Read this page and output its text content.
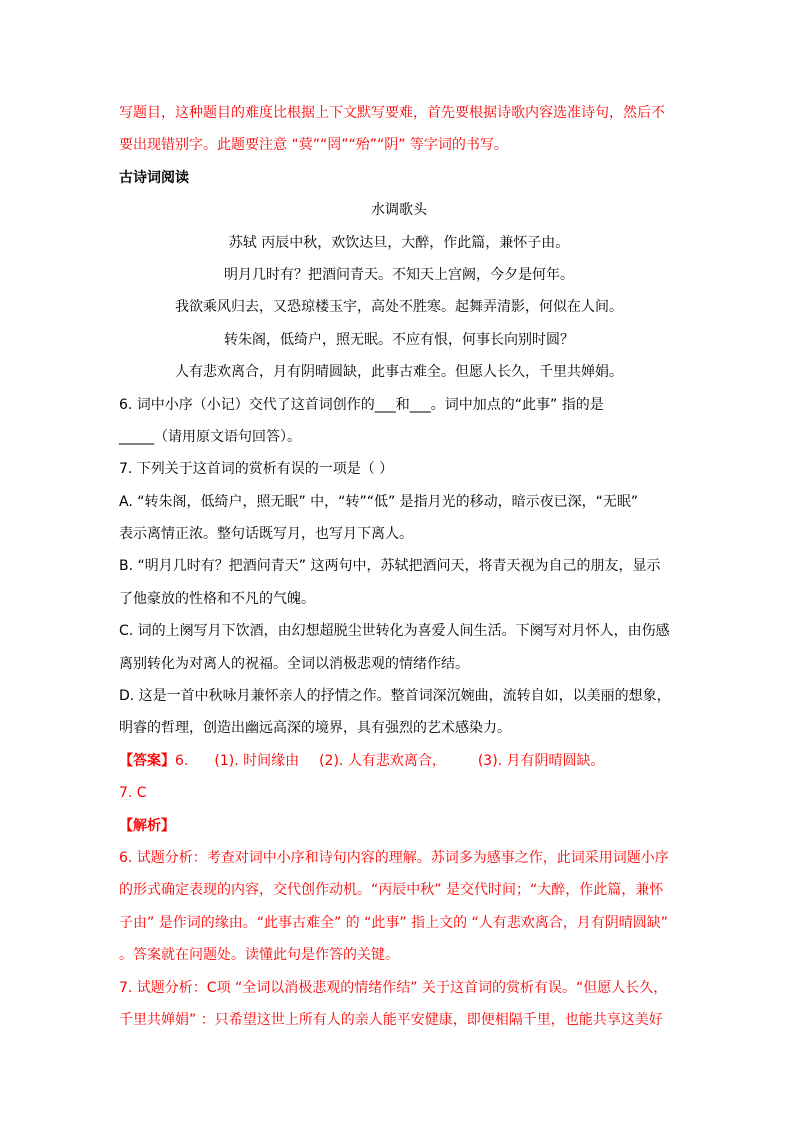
写题目，这种题目的难度比根据上下文默写要难，首先要根据诗歌内容选准诗句，然后不
要出现错别字。此题要注意 “蓂”“罔”“殆”“阴” 等字词的书写。
古诗词阅读
水调歌头
苏轼 丙辰中秋，欢饮达旦，大醉，作此篇，兼怀子由。
明月几时有？把酒问青天。不知天上宫阙，今夕是何年。
我欲乘风归去，又恐琼楼玉宇，高处不胜寒。起舞弄清影，何似在人间。
转朱阁，低绮户，照无眠。不应有恨，何事长向别时圆？
人有悲欢离合，月有阴晴圆缺，此事古难全。但愿人长久，千里共婵娟。
6. 词中小序（小记）交代了这首词创作的___和___。词中加点的“此事” 指的是
_____（请用原文语句回答）。
7. 下列关于这首词的赏析有误的一项是（ ）
A. “转朱阁，低绮户，照无眠” 中，“转”“低” 是指月光的移动，暗示夜已深，“无眠”
表示离情正浓。整句话既写月，也写月下离人。
B. “明月几时有？把酒问青天” 这两句中，苏轼把酒问天，将青天视为自己的朋友，显示
了他豪放的性格和不凡的气魄。
C. 词的上阕写月下饮酒，由幻想超脱尘世转化为喜爱人间生活。下阕写对月怀人，由伤感
离别转化为对离人的祝福。全词以消极悲观的情绪作结。
D. 这是一首中秋咏月兼怀亲人的抒情之作。整首词深沉婉曲，流转自如，以美丽的想象，
明睿的哲理，创造出幽远高深的境界，具有强烈的艺术感染力。
【答案】6. (1). 时间缘由 (2). 人有悲欢离合， (3). 月有阴晴圆缺。
7. C
【解析】
6. 试题分析：考查对词中小序和诗句内容的理解。苏词多为感事之作，此词采用词题小序
的形式确定表现的内容，交代创作动机。“丙辰中秋” 是交代时间；“大醉，作此篇，兼怀
子由” 是作词的缘由。“此事古难全” 的 “此事” 指上文的 “人有悲欢离合，月有阴晴圆缺”
。答案就在问题处。读懂此句是作答的关键。
7. 试题分析：C项 “全词以消极悲观的情绪作结” 关于这首词的赏析有误。“但愿人长久，
千里共婵娟” ：只希望这世上所有人的亲人能平安健康，即便相隔千里，也能共享这美好
